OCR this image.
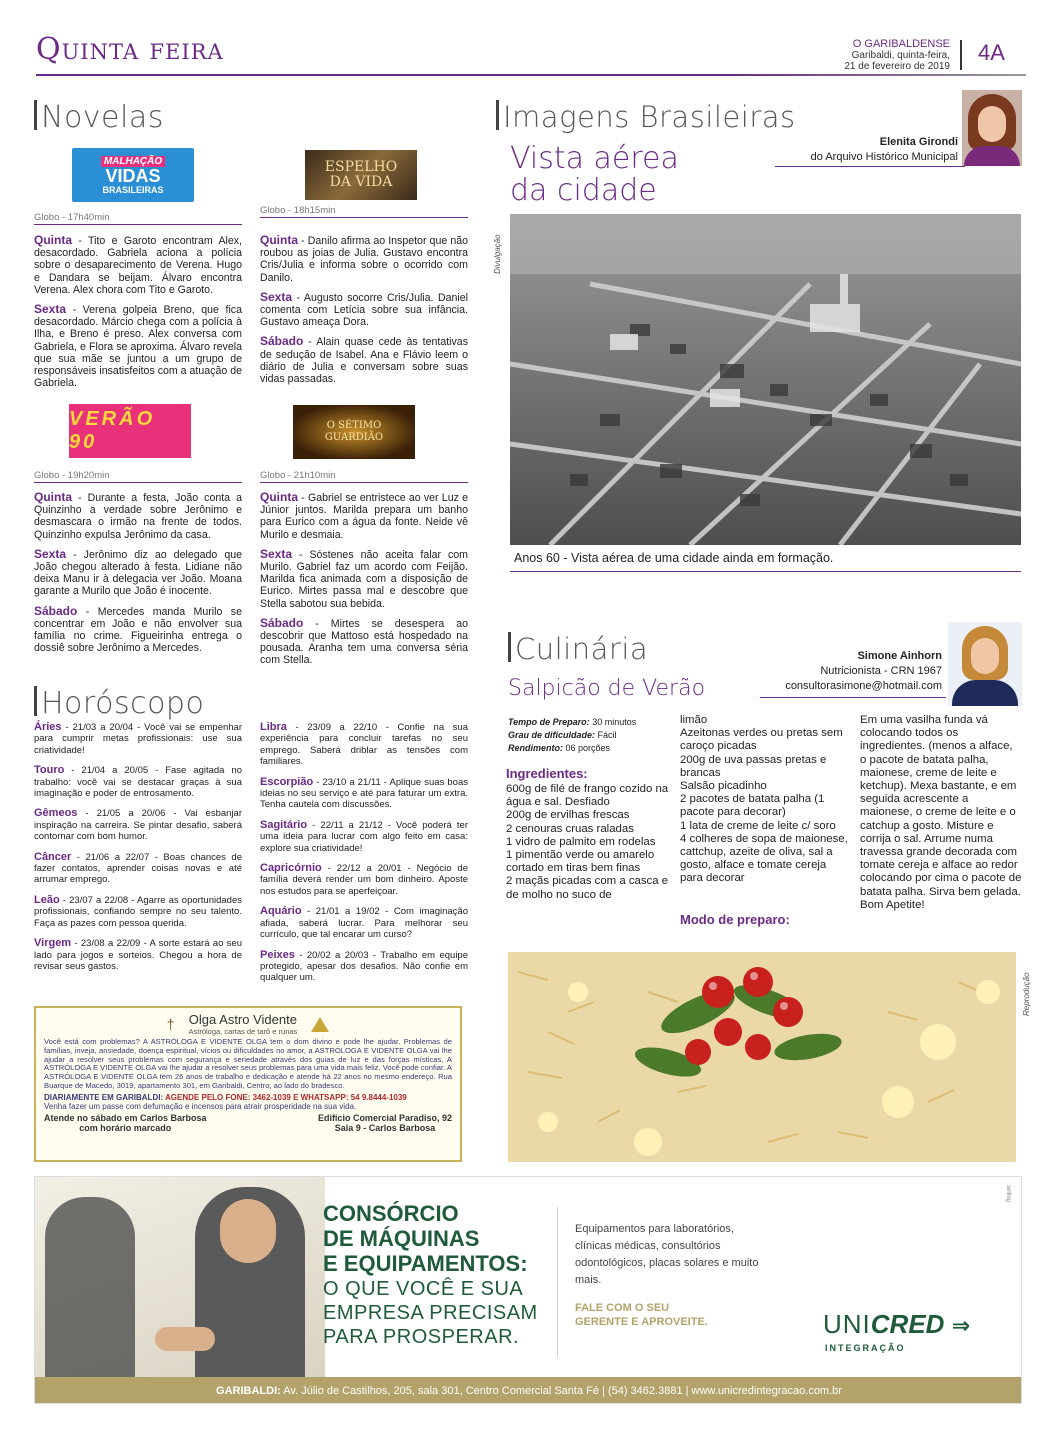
Quinta feira	O GARIBALDENSE
Garibaldi, quinta-feira,
21 de fevereiro de 2019
4A
Novelas
MALHAÇÃO
VIDAS
BRASILEIRAS
Globo - 17h40min

Quinta - Tito e Garoto encontram Alex, desacordado. Gabriela aciona a polícia sobre o desaparecimento de Verena. Hugo e Dandara se beijam. Álvaro encontra Verena. Alex chora com Tito e Garoto.

Sexta - Verena golpeia Breno, que fica desacordado. Márcio chega com a polícia à Ilha, e Breno é preso. Alex conversa com Gabriela, e Flora se aproxima. Álvaro revela que sua mãe se juntou a um grupo de responsáveis insatisfeitos com a atuação de Gabriela.

ESPELHO DA VIDA
Globo - 18h15min

Quinta - Danilo afirma ao Inspetor que não roubou as joias de Julia. Gustavo encontra Cris/Julia e informa sobre o ocorrido com Danilo.

Sexta - Augusto socorre Cris/Julia. Daniel comenta com Letícia sobre sua infância. Gustavo ameaça Dora.

Sábado - Alain quase cede às tentativas de sedução de Isabel. Ana e Flávio leem o diário de Julia e conversam sobre suas vidas passadas.

VERÃO 90
Globo - 19h20min

Quinta - Durante a festa, João conta a Quinzinho a verdade sobre Jerônimo e desmascara o irmão na frente de todos. Quinzinho expulsa Jerônimo da casa.

Sexta - Jerônimo diz ao delegado que João chegou alterado à festa. Lidiane não deixa Manu ir à delegacia ver João. Moana garante a Murilo que João é inocente.

Sábado - Mercedes manda Murilo se concentrar em João e não envolver sua família no crime. Figueirinha entrega o dossiê sobre Jerônimo a Mercedes.

O SÉTIMO GUARDIÃO
Globo - 21h10min

Quinta - Gabriel se entristece ao ver Luz e Júnior juntos. Marilda prepara um banho para Eurico com a água da fonte. Neide vê Murilo e desmaia.

Sexta - Sóstenes não aceita falar com Murilo. Gabriel faz um acordo com Feijão. Marilda fica animada com a disposição de Eurico. Mirtes passa mal e descobre que Stella sabotou sua bebida.

Sábado - Mirtes se desespera ao descobrir que Mattoso está hospedado na pousada. Aranha tem uma conversa séria com Stella.

Horóscopo

Áries - 21/03 a 20/04 - Você vai se empenhar para cumprir metas profissionais: use sua criatividade!

Touro - 21/04 a 20/05 - Fase agitada no trabalho: você vai se destacar graças à sua imaginação e poder de entrosamento.

Gêmeos - 21/05 a 20/06 - Vai esbanjar inspiração na carreira. Se pintar desafio, saberá contornar com bom humor.

Câncer - 21/06 a 22/07 - Boas chances de fazer contatos, aprender coisas novas e até arrumar emprego.

Leão - 23/07 a 22/08 - Agarre as oportunidades profissionais, confiando sempre no seu talento. Faça as pazes com pessoa querida.

Virgem - 23/08 a 22/09 - A sorte estará ao seu lado para jogos e sorteios. Chegou a hora de revisar seus gastos.

Libra - 23/09 a 22/10 - Confie na sua experiência para concluir tarefas no seu emprego. Saberá driblar as tensões com familiares.

Escorpião - 23/10 a 21/11 - Aplique suas boas ideias no seu serviço e até para faturar um extra. Tenha cautela com discussões.

Sagitário - 22/11 a 21/12 - Você poderá ter uma ideia para lucrar com algo feito em casa: explore sua criatividade!

Capricórnio - 22/12 a 20/01 - Negócio de família deverá render um bom dinheiro. Aposte nos estudos para se aperfeiçoar.

Aquário - 21/01 a 19/02 - Com imaginação afiada, saberá lucrar. Para melhorar seu currículo, que tal encarar um curso?

Peixes - 20/02 a 20/03 - Trabalho em equipe protegido, apesar dos desafios. Não confie em qualquer um.

† Olga Astro Vidente
Astróloga, cartas de tarô e runas
Você está com problemas? A ASTRÓLOGA E VIDENTE OLGA tem o dom divino e pode lhe ajudar. Problemas de famílias, inveja, ansiedade, doença espiritual, vícios ou dificuldades no amor, a ASTRÓLOGA E VIDENTE OLGA vai lhe ajudar a resolver seus problemas com segurança e seriedade através dos guias de luz e das forças místicas, A ASTRÓLOGA E VIDENTE OLGA vai lhe ajudar a resolver seus problemas para uma vida mais feliz. Você pode confiar. A ASTRÓLOGA E VIDENTE OLGA tem 26 anos de trabalho e dedicação e atende há 22 anos no mesmo endereço. Rua Buarque de Macedo, 3019, apartamento 301, em Garibaldi, Centro, ao lado do bradesco.
DIARIAMENTE EM GARIBALDI: AGENDE PELO FONE: 3462-1039 E WHATSAPP: 54 9.8444-1039
Venha fazer um passe com defumação e incensos para atrair prosperidade na sua vida.
Atende no sábado em Carlos Barbosa
com horário marcado
Edifício Comercial Paradiso, 92
Sala 9 - Carlos Barbosa
Imagens Brasileiras
Vista aérea
da cidade
Elenita Girondi
do Arquivo Histórico Municipal
Divulgação
Anos 60 - Vista aérea de uma cidade ainda em formação.
Culinária
Salpicão de Verão
Simone Ainhorn
Nutricionista - CRN 1967
consultorasimone@hotmail.com
Tempo de Preparo: 30 minutos
Grau de dificuldade: Fácil
Rendimento: 06 porções
Ingredientes:

600g de filé de frango cozido na água e sal. Desfiado

200g de ervilhas frescas

2 cenouras cruas raladas

1 vidro de palmito em rodelas

1 pimentão verde ou amarelo cortado em tiras bem finas

2 maçãs picadas com a casca e de molho no suco de

limão

Azeitonas verdes ou pretas sem caroço picadas

200g de uva passas pretas e brancas

Salsão picadinho

2 pacotes de batata palha (1 pacote para decorar)

1 lata de creme de leite c/ soro

4 colheres de sopa de maionese, cattchup, azeite de oliva, sal a gosto, alface e tomate cereja para decorar

Modo de preparo:

Em uma vasilha funda vá colocando todos os ingredientes. (menos a alface, o pacote de batata palha, maionese, creme de leite e ketchup). Mexa bastante, e em seguida acrescente a maionese, o creme de leite e o catchup a gosto. Misture e corrija o sal. Arrume numa travessa grande decorada com tomate cereja e alface ao redor colocando por cima o pacote de batata palha. Sirva bem gelada. Bom Apetite!

Reprodução
CONSÓRCIO
DE MÁQUINAS
E EQUIPAMENTOS:
O QUE VOCÊ E SUA
EMPRESA PRECISAM
PARA PROSPERAR.
Equipamentos para laboratórios, clínicas médicas, consultórios odontológicos, placas solares e muito mais.
FALE COM O SEU
GERENTE E APROVEITE.	UNICRED ⇒
INTEGRAÇÃO
selling
GARIBALDI: Av. Júlio de Castilhos, 205, sala 301, Centro Comercial Santa Fé | (54) 3462.3881 | www.unicredintegracao.com.br
